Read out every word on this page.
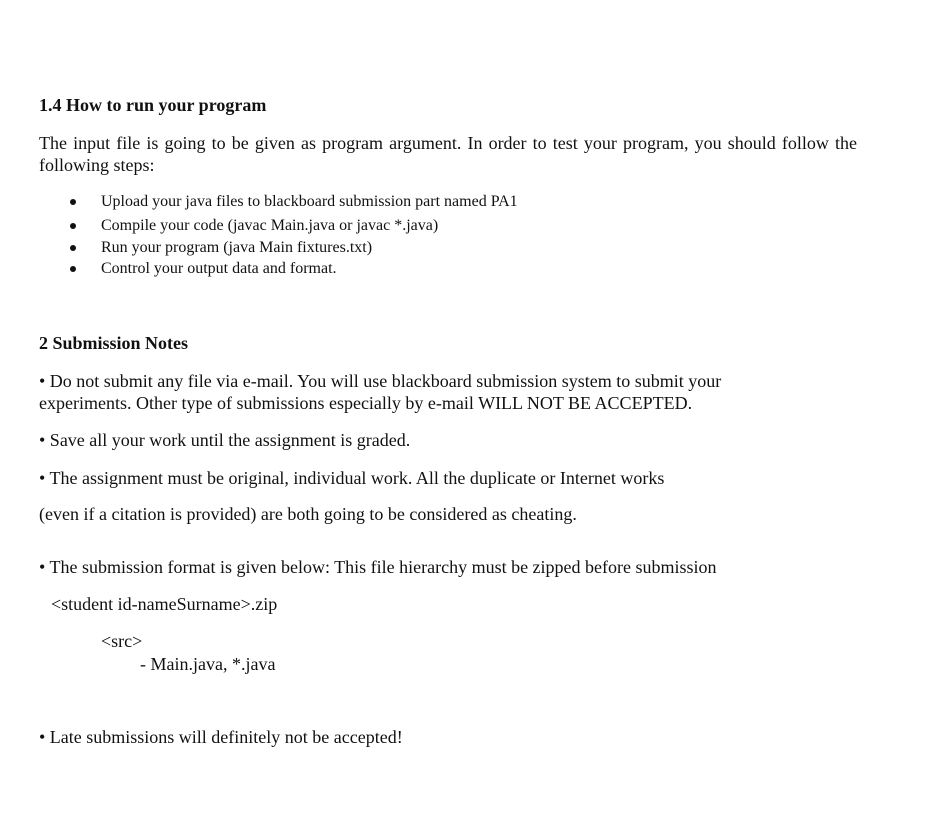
1.4 How to run your program
The input file is going to be given as program argument. In order to test your program, you should follow the following steps:
Upload your java files to blackboard submission part named PA1
Compile your code (javac Main.java or javac *.java)
Run your program (java Main fixtures.txt)
Control your output data and format.
2 Submission Notes
• Do not submit any file via e-mail. You will use blackboard submission system to submit your experiments. Other type of submissions especially by e-mail WILL NOT BE ACCEPTED.
• Save all your work until the assignment is graded.
• The assignment must be original, individual work. All the duplicate or Internet works
(even if a citation is provided) are both going to be considered as cheating.
• The submission format is given below: This file hierarchy must be zipped before submission
<student id-nameSurname>.zip
<src>
- Main.java, *.java
• Late submissions will definitely not be accepted!
